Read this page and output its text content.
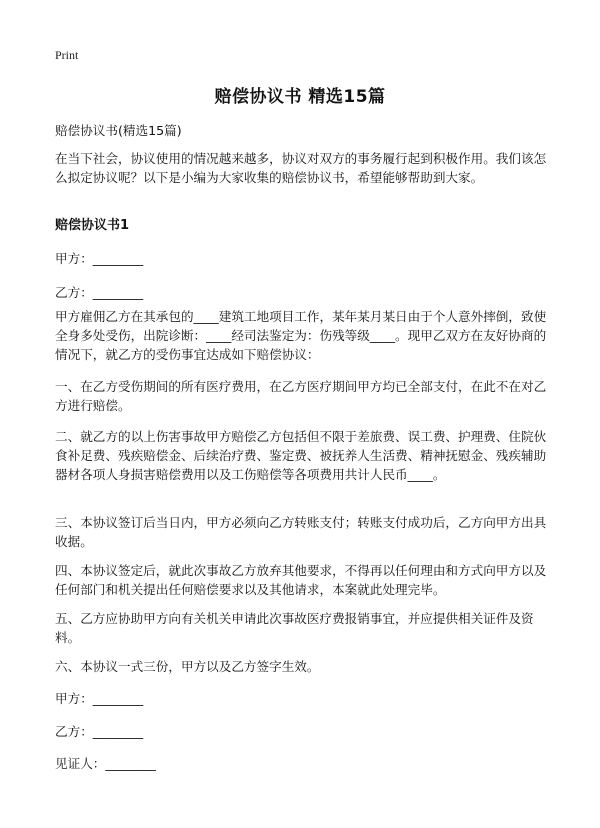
Print
赔偿协议书 精选15篇

赔偿协议书(精选15篇)

在当下社会，协议使用的情况越来越多，协议对双方的事务履行起到积极作用。我们该怎么拟定协议呢？以下是小编为大家收集的赔偿协议书，希望能够帮助到大家。

赔偿协议书1

甲方：________

乙方：________

甲方雇佣乙方在其承包的____建筑工地项目工作，某年某月某日由于个人意外摔倒，致使全身多处受伤，出院诊断：____经司法鉴定为：伤残等级____。现甲乙双方在友好协商的 情况下，就乙方的受伤事宜达成如下赔偿协议：

一、在乙方受伤期间的所有医疗费用，在乙方医疗期间甲方均已全部支付，在此不在对乙方进行赔偿。

二、就乙方的以上伤害事故甲方赔偿乙方包括但不限于差旅费、误工费、护理费、住院伙食补足费、残疾赔偿金、后续治疗费、鉴定费、被抚养人生活费、精神抚慰金、残疾辅助器材各项人身损害赔偿费用以及工伤赔偿等各项费用共计人民币____。

三、本协议签订后当日内，甲方必须向乙方转账支付；转账支付成功后，乙方向甲方出具收据。

四、本协议签定后，就此次事故乙方放弃其他要求，不得再以任何理由和方式向甲方以及任何部门和机关提出任何赔偿要求以及其他请求，本案就此处理完毕。

五、乙方应协助甲方向有关机关申请此次事故医疗费报销事宜，并应提供相关证件及资料。

六、本协议一式三份，甲方以及乙方签字生效。

甲方：________

乙方：________

见证人：________
